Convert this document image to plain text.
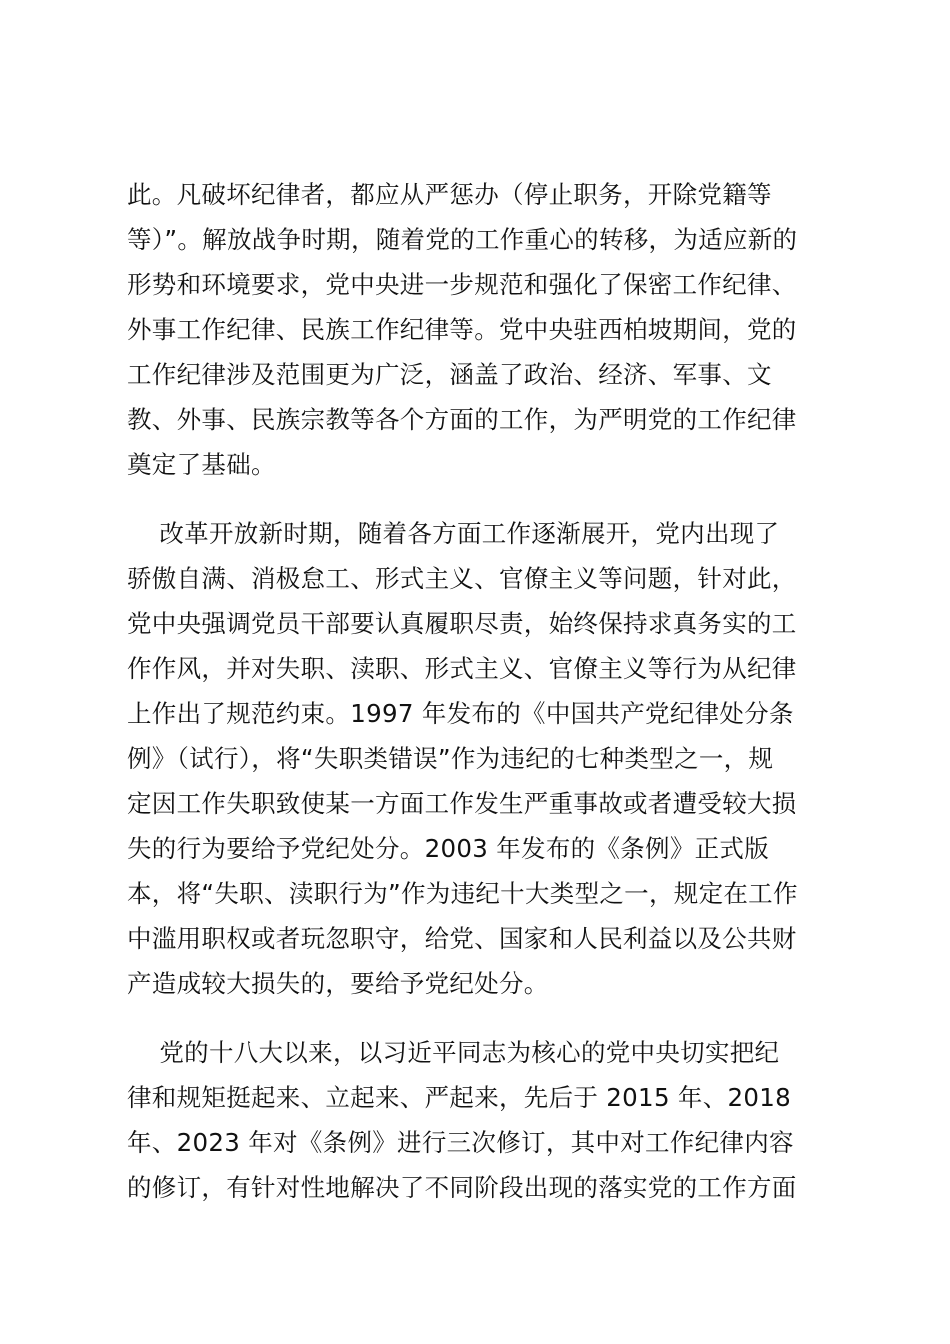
此。凡破坏纪律者，都应从严惩办（停止职务，开除党籍等
等）”。解放战争时期，随着党的工作重心的转移，为适应新的
形势和环境要求，党中央进一步规范和强化了保密工作纪律、
外事工作纪律、民族工作纪律等。党中央驻西柏坡期间，党的
工作纪律涉及范围更为广泛，涵盖了政治、经济、军事、文
教、外事、民族宗教等各个方面的工作，为严明党的工作纪律
奠定了基础。
改革开放新时期，随着各方面工作逐渐展开，党内出现了
骄傲自满、消极怠工、形式主义、官僚主义等问题，针对此，
党中央强调党员干部要认真履职尽责，始终保持求真务实的工
作作风，并对失职、渎职、形式主义、官僚主义等行为从纪律
上作出了规范约束。1997 年发布的《中国共产党纪律处分条
例》（试行），将“失职类错误”作为违纪的七种类型之一，规
定因工作失职致使某一方面工作发生严重事故或者遭受较大损
失的行为要给予党纪处分。2003 年发布的《条例》正式版
本，将“失职、渎职行为”作为违纪十大类型之一，规定在工作
中滥用职权或者玩忽职守，给党、国家和人民利益以及公共财
产造成较大损失的，要给予党纪处分。
党的十八大以来，以习近平同志为核心的党中央切实把纪
律和规矩挺起来、立起来、严起来，先后于 2015 年、2018
年、2023 年对《条例》进行三次修订，其中对工作纪律内容
的修订，有针对性地解决了不同阶段出现的落实党的工作方面
